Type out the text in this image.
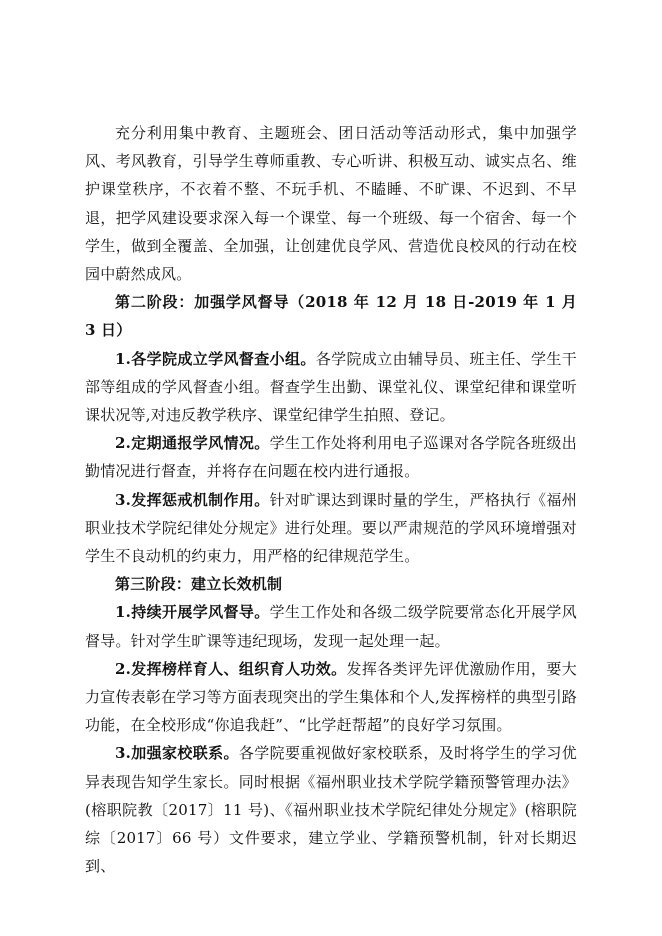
充分利用集中教育、主题班会、团日活动等活动形式，集中加强学风、考风教育，引导学生尊师重教、专心听讲、积极互动、诚实点名、维护课堂秩序，不衣着不整、不玩手机、不瞌睡、不旷课、不迟到、不早退，把学风建设要求深入每一个课堂、每一个班级、每一个宿舍、每一个学生，做到全覆盖、全加强，让创建优良学风、营造优良校风的行动在校园中蔚然成风。

第二阶段：加强学风督导（2018 年 12 月 18 日-2019 年 1 月 3 日）

1.各学院成立学风督查小组。各学院成立由辅导员、班主任、学生干部等组成的学风督查小组。督查学生出勤、课堂礼仪、课堂纪律和课堂听课状况等,对违反教学秩序、课堂纪律学生拍照、登记。

2.定期通报学风情况。学生工作处将利用电子巡课对各学院各班级出勤情况进行督查，并将存在问题在校内进行通报。

3.发挥惩戒机制作用。针对旷课达到课时量的学生，严格执行《福州职业技术学院纪律处分规定》进行处理。要以严肃规范的学风环境增强对学生不良动机的约束力，用严格的纪律规范学生。

第三阶段：建立长效机制

1.持续开展学风督导。学生工作处和各级二级学院要常态化开展学风督导。针对学生旷课等违纪现场，发现一起处理一起。

2.发挥榜样育人、组织育人功效。发挥各类评先评优激励作用，要大力宣传表彰在学习等方面表现突出的学生集体和个人,发挥榜样的典型引路功能，在全校形成“你追我赶”、“比学赶帮超”的良好学习氛围。

3.加强家校联系。各学院要重视做好家校联系，及时将学生的学习优异表现告知学生家长。同时根据《福州职业技术学院学籍预警管理办法》(榕职院教〔2017〕11 号)、《福州职业技术学院纪律处分规定》(榕职院综〔2017〕66 号）文件要求，建立学业、学籍预警机制，针对长期迟到、
